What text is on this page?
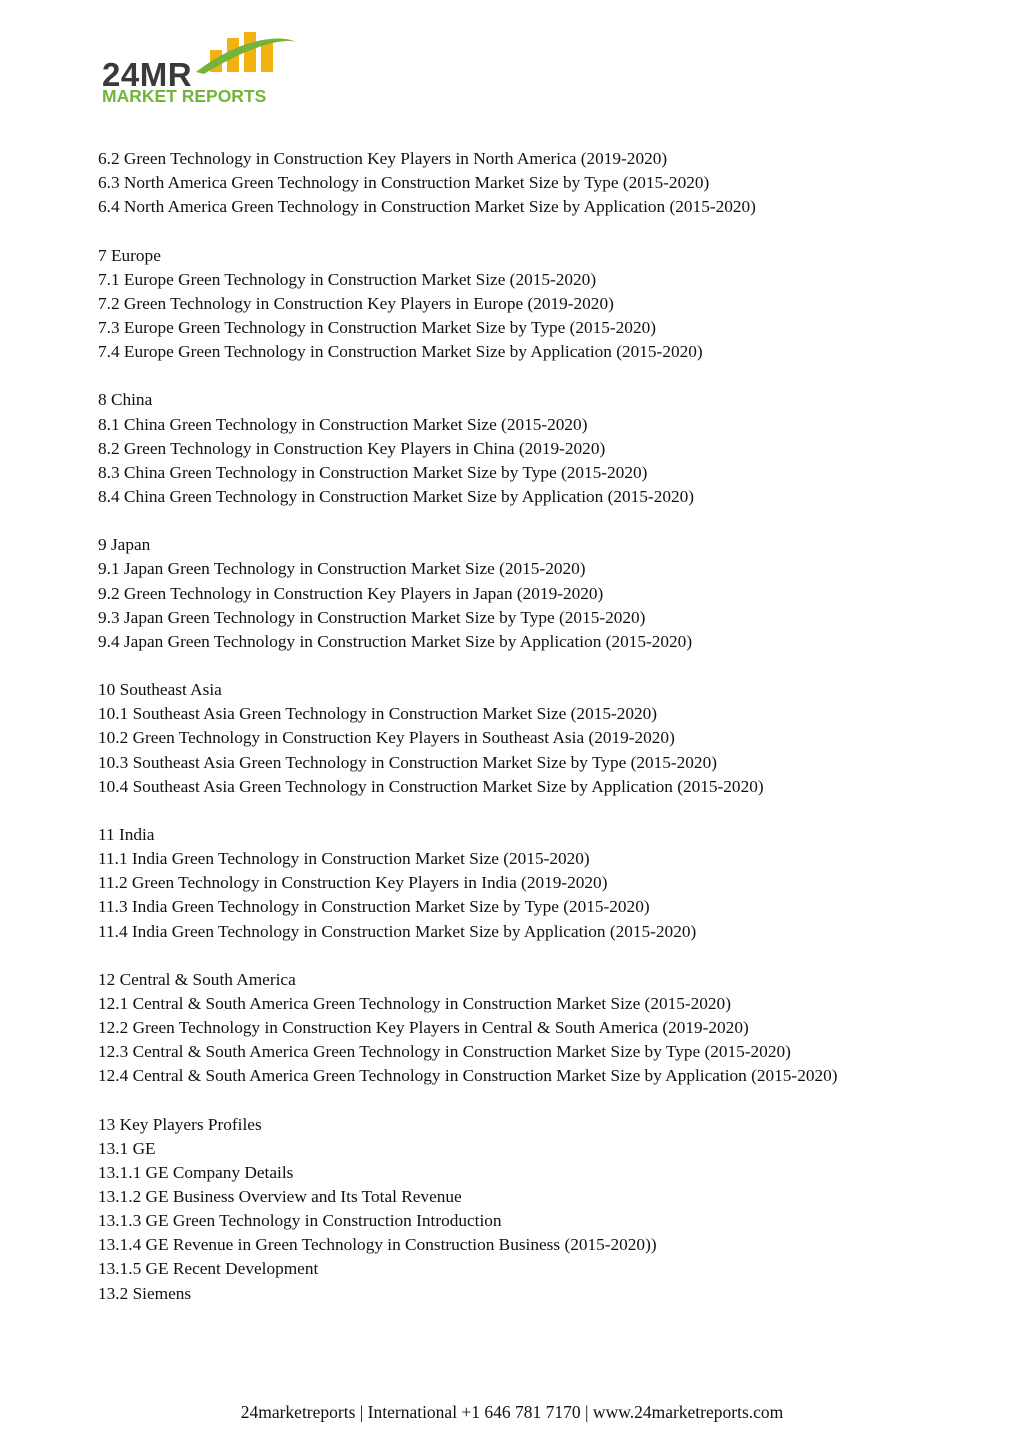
24MR
MARKET REPORTS
6.2 Green Technology in Construction Key Players in North America (2019-2020)
6.3 North America Green Technology in Construction Market Size by Type (2015-2020)
6.4 North America Green Technology in Construction Market Size by Application (2015-2020)
7 Europe
7.1 Europe Green Technology in Construction Market Size (2015-2020)
7.2 Green Technology in Construction Key Players in Europe (2019-2020)
7.3 Europe Green Technology in Construction Market Size by Type (2015-2020)
7.4 Europe Green Technology in Construction Market Size by Application (2015-2020)
8 China
8.1 China Green Technology in Construction Market Size (2015-2020)
8.2 Green Technology in Construction Key Players in China (2019-2020)
8.3 China Green Technology in Construction Market Size by Type (2015-2020)
8.4 China Green Technology in Construction Market Size by Application (2015-2020)
9 Japan
9.1 Japan Green Technology in Construction Market Size (2015-2020)
9.2 Green Technology in Construction Key Players in Japan (2019-2020)
9.3 Japan Green Technology in Construction Market Size by Type (2015-2020)
9.4 Japan Green Technology in Construction Market Size by Application (2015-2020)
10 Southeast Asia
10.1 Southeast Asia Green Technology in Construction Market Size (2015-2020)
10.2 Green Technology in Construction Key Players in Southeast Asia (2019-2020)
10.3 Southeast Asia Green Technology in Construction Market Size by Type (2015-2020)
10.4 Southeast Asia Green Technology in Construction Market Size by Application (2015-2020)
11 India
11.1 India Green Technology in Construction Market Size (2015-2020)
11.2 Green Technology in Construction Key Players in India (2019-2020)
11.3 India Green Technology in Construction Market Size by Type (2015-2020)
11.4 India Green Technology in Construction Market Size by Application (2015-2020)
12 Central & South America
12.1 Central & South America Green Technology in Construction Market Size (2015-2020)
12.2 Green Technology in Construction Key Players in Central & South America (2019-2020)
12.3 Central & South America Green Technology in Construction Market Size by Type (2015-2020)
12.4 Central & South America Green Technology in Construction Market Size by Application (2015-2020)
13 Key Players Profiles
13.1 GE
13.1.1 GE Company Details
13.1.2 GE Business Overview and Its Total Revenue
13.1.3 GE Green Technology in Construction Introduction
13.1.4 GE Revenue in Green Technology in Construction Business (2015-2020))
13.1.5 GE Recent Development
13.2 Siemens
24marketreports | International +1 646 781 7170 | www.24marketreports.com
